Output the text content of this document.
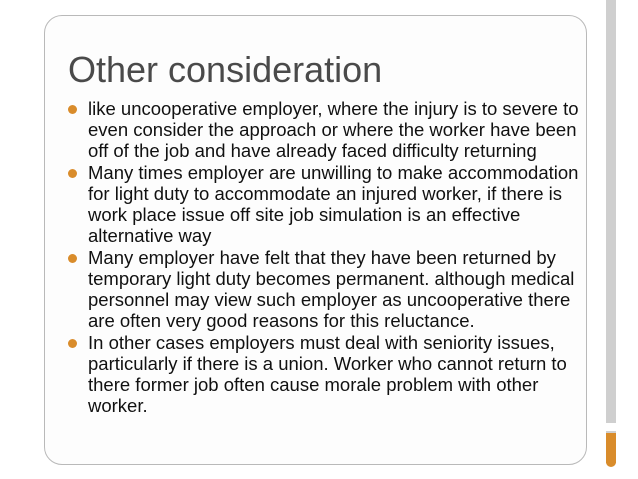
Other consideration
like uncooperative employer, where the injury is to severe to even consider the approach or where the worker have been off of the job and have already faced difficulty returning
Many times employer are unwilling to make accommodation for light duty to accommodate an injured worker, if there is work place issue off site job simulation is an effective alternative way
Many employer have felt that they have been returned by temporary light duty becomes permanent. although medical personnel may view such employer as uncooperative there are often very good reasons for this reluctance.
In other cases employers must deal with seniority issues, particularly if there is a union. Worker who cannot return to there former job often cause morale problem with other worker.
